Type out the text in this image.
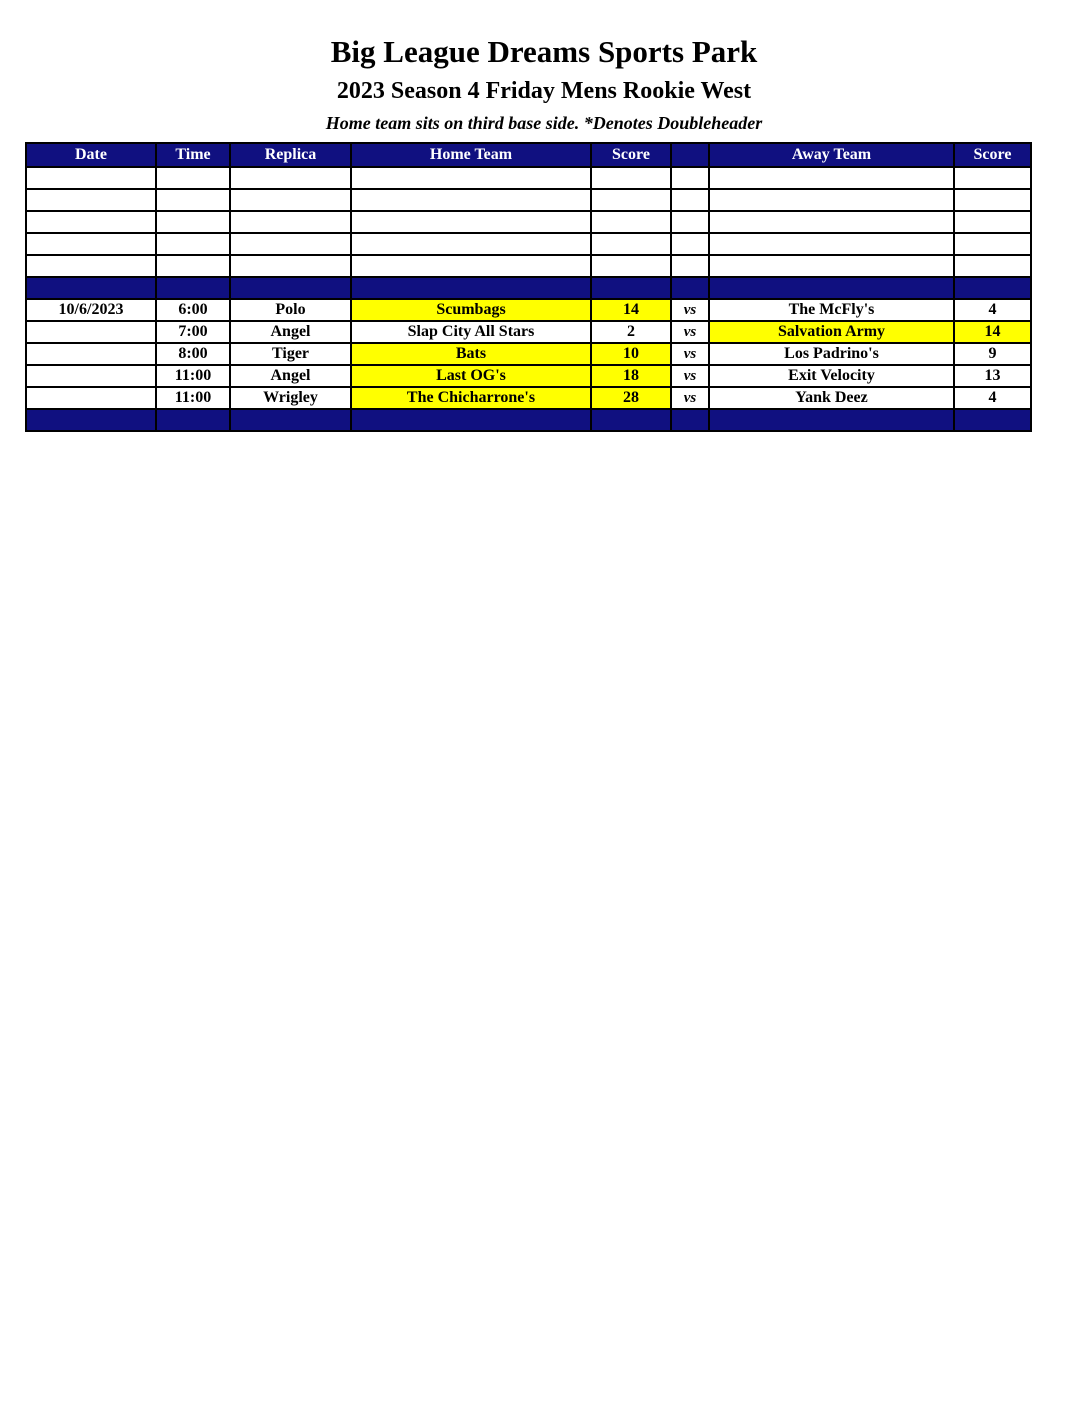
Big League Dreams Sports Park
2023 Season 4 Friday Mens Rookie West
Home team sits on third base side. *Denotes Doubleheader
Date	Time	Replica	Home Team	Score		Away Team	Score

10/6/2023	6:00	Polo	Scumbags	14	vs	The McFly's	4
	7:00	Angel	Slap City All Stars	2	vs	Salvation Army	14
	8:00	Tiger	Bats	10	vs	Los Padrino's	9
	11:00	Angel	Last OG's	18	vs	Exit Velocity	13
	11:00	Wrigley	The Chicharrone's	28	vs	Yank Deez	4
